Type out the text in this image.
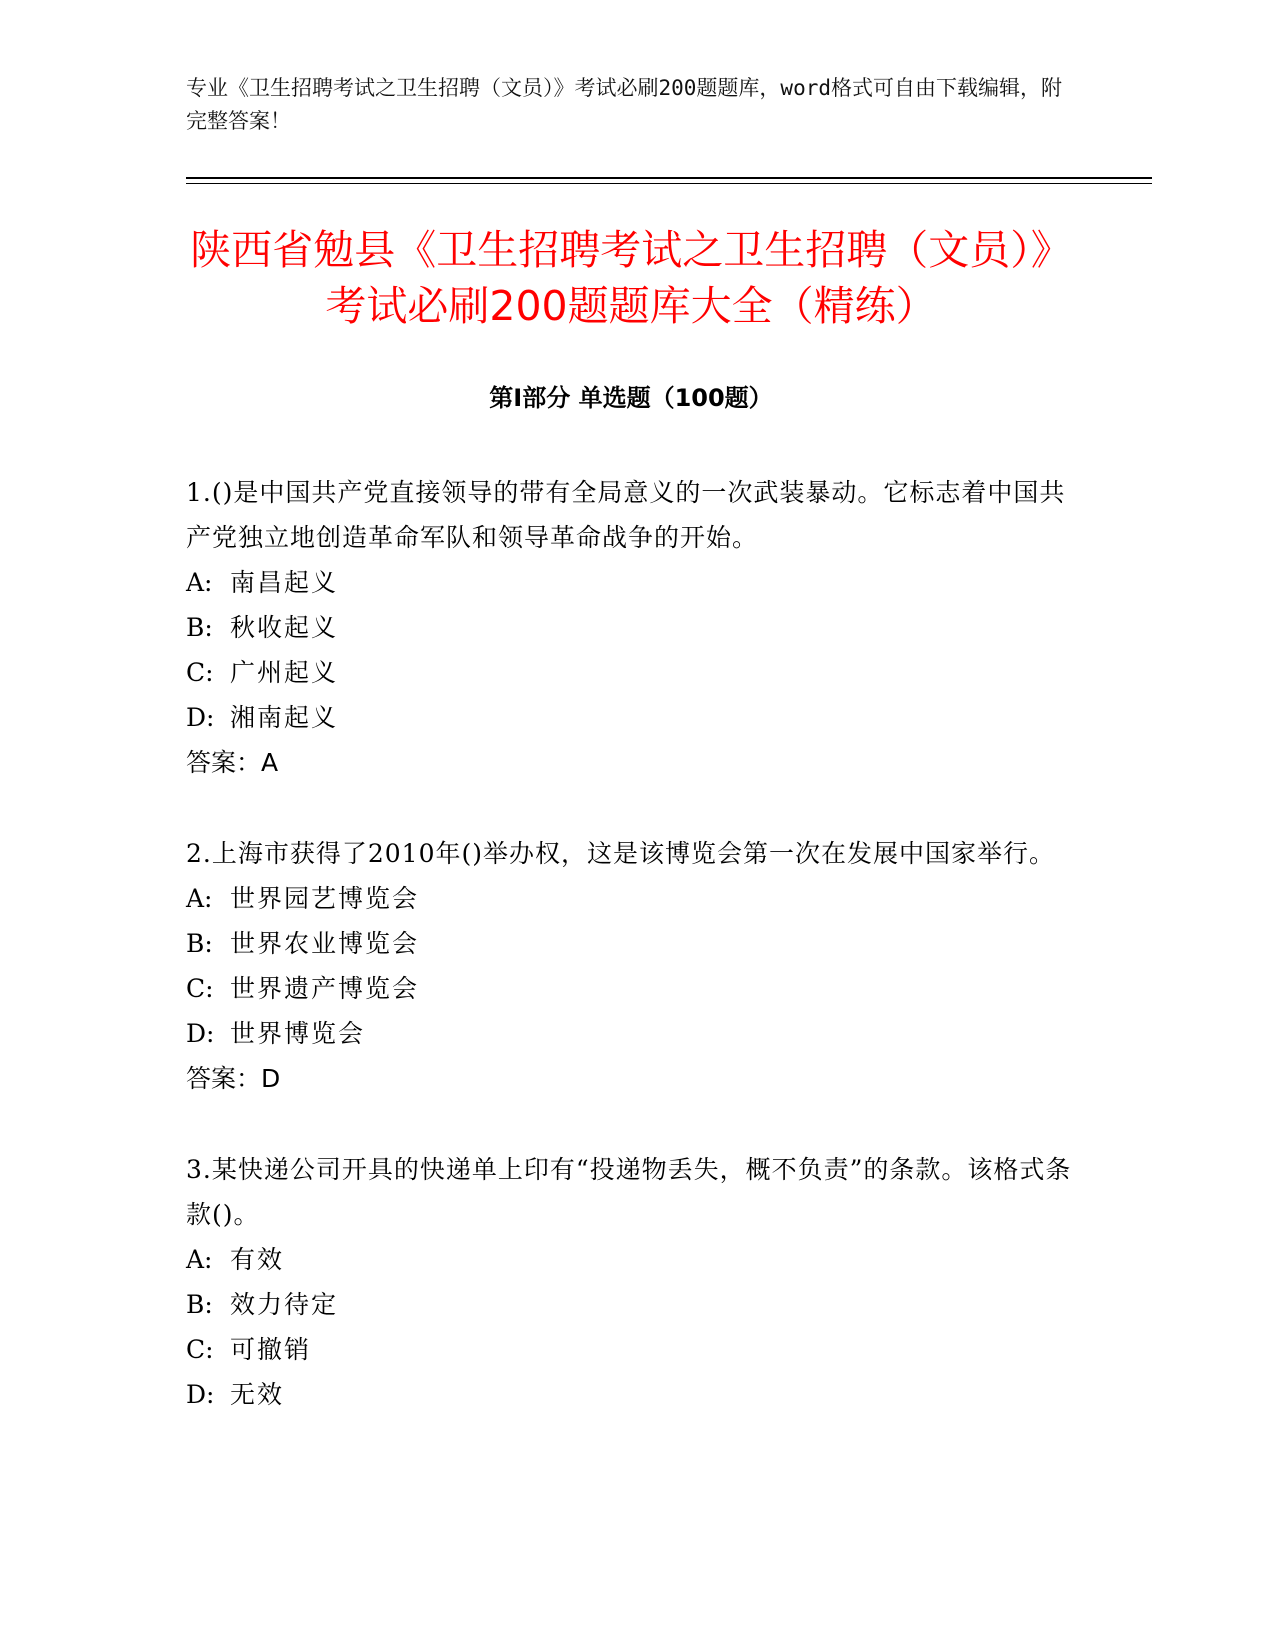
专业《卫生招聘考试之卫生招聘（文员）》考试必刷200题题库，word格式可自由下载编辑，附完整答案！
陕西省勉县《卫生招聘考试之卫生招聘（文员）》考试必刷200题题库大全（精练）
第Ⅰ部分 单选题（100题）

1.()是中国共产党直接领导的带有全局意义的一次武装暴动。它标志着中国共产党独立地创造革命军队和领导革命战争的开始。

A: 南昌起义

B: 秋收起义

C: 广州起义

D: 湘南起义

答案：A

2.上海市获得了2010年()举办权，这是该博览会第一次在发展中国家举行。

A: 世界园艺博览会

B: 世界农业博览会

C: 世界遗产博览会

D: 世界博览会

答案：D

3.某快递公司开具的快递单上印有“投递物丢失，概不负责”的条款。该格式条款()。

A: 有效

B: 效力待定

C: 可撤销

D: 无效
